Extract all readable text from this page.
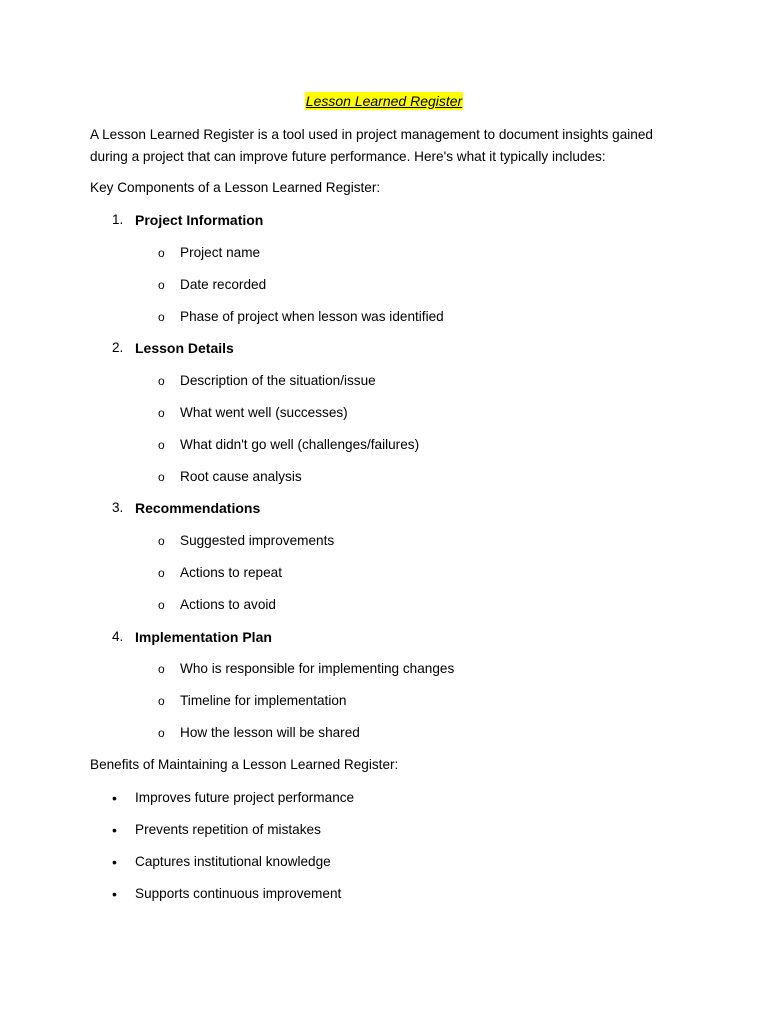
Lesson Learned Register

A Lesson Learned Register is a tool used in project management to document insights gained during a project that can improve future performance. Here's what it typically includes:

Key Components of a Lesson Learned Register:

1. Project Information
o Project name
o Date recorded
o Phase of project when lesson was identified
2. Lesson Details
o Description of the situation/issue
o What went well (successes)
o What didn't go well (challenges/failures)
o Root cause analysis
3. Recommendations
o Suggested improvements
o Actions to repeat
o Actions to avoid
4. Implementation Plan
o Who is responsible for implementing changes
o Timeline for implementation
o How the lesson will be shared

Benefits of Maintaining a Lesson Learned Register:

• Improves future project performance
• Prevents repetition of mistakes
• Captures institutional knowledge
• Supports continuous improvement
